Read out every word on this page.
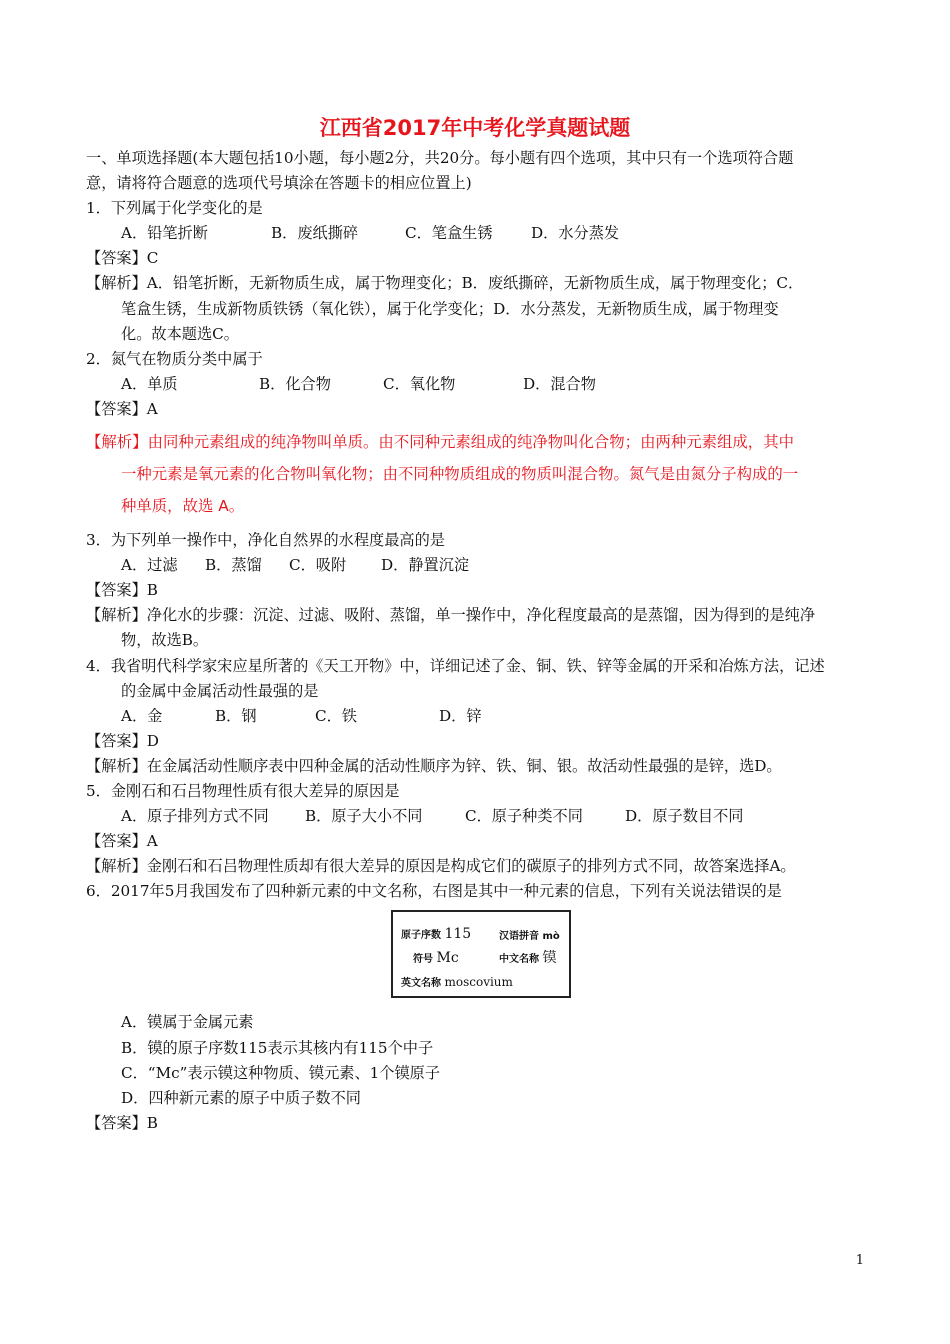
江西省2017年中考化学真题试题
一、单项选择题(本大题包括10小题，每小题2分，共20分。每小题有四个选项，其中只有一个选项符合题
意，请将符合题意的选项代号填涂在答题卡的相应位置上)
1．下列属于化学变化的是
A．铅笔折断	B．废纸撕碎	C．笔盒生锈	D．水分蒸发
【答案】C
【解析】A．铅笔折断，无新物质生成，属于物理变化；B．废纸撕碎，无新物质生成，属于物理变化；C．
笔盒生锈，生成新物质铁锈（氧化铁），属于化学变化；D．水分蒸发，无新物质生成，属于物理变
化。故本题选C。
2．氮气在物质分类中属于
A．单质	B．化合物	C．氧化物	D．混合物
【答案】A
【解析】由同种元素组成的纯净物叫单质。由不同种元素组成的纯净物叫化合物；由两种元素组成，其中
一种元素是氧元素的化合物叫氧化物；由不同种物质组成的物质叫混合物。氮气是由氮分子构成的一
种单质，故选 A。
3．为下列单一操作中，净化自然界的水程度最高的是
A．过滤 B．蒸馏 C．吸附 D．静置沉淀
【答案】B
【解析】净化水的步骤：沉淀、过滤、吸附、蒸馏，单一操作中，净化程度最高的是蒸馏，因为得到的是纯净
物，故选B。
4．我省明代科学家宋应星所著的《天工开物》中，详细记述了金、铜、铁、锌等金属的开采和冶炼方法，记述
的金属中金属活动性最强的是
A．金	B．钢	C．铁	D．锌
【答案】D
【解析】在金属活动性顺序表中四种金属的活动性顺序为锌、铁、铜、银。故活动性最强的是锌，选D。
5．金刚石和石吕物理性质有很大差异的原因是
A．原子排列方式不同 B．原子大小不同	C．原子种类不同	D．原子数目不同
【答案】A
【解析】金刚石和石吕物理性质却有很大差异的原因是构成它们的碳原子的排列方式不同，故答案选择A。
6．2017年5月我国发布了四种新元素的中文名称，右图是其中一种元素的信息，下列有关说法错误的是
原子序数 115	汉语拼音 mò
符号 Mc	中文名称 镆
英文名称 moscovium
A．镆属于金属元素
B．镆的原子序数115表示其核内有115个中子
C．“Mc”表示镆这种物质、镆元素、1个镆原子
D．四种新元素的原子中质子数不同
【答案】B
1
